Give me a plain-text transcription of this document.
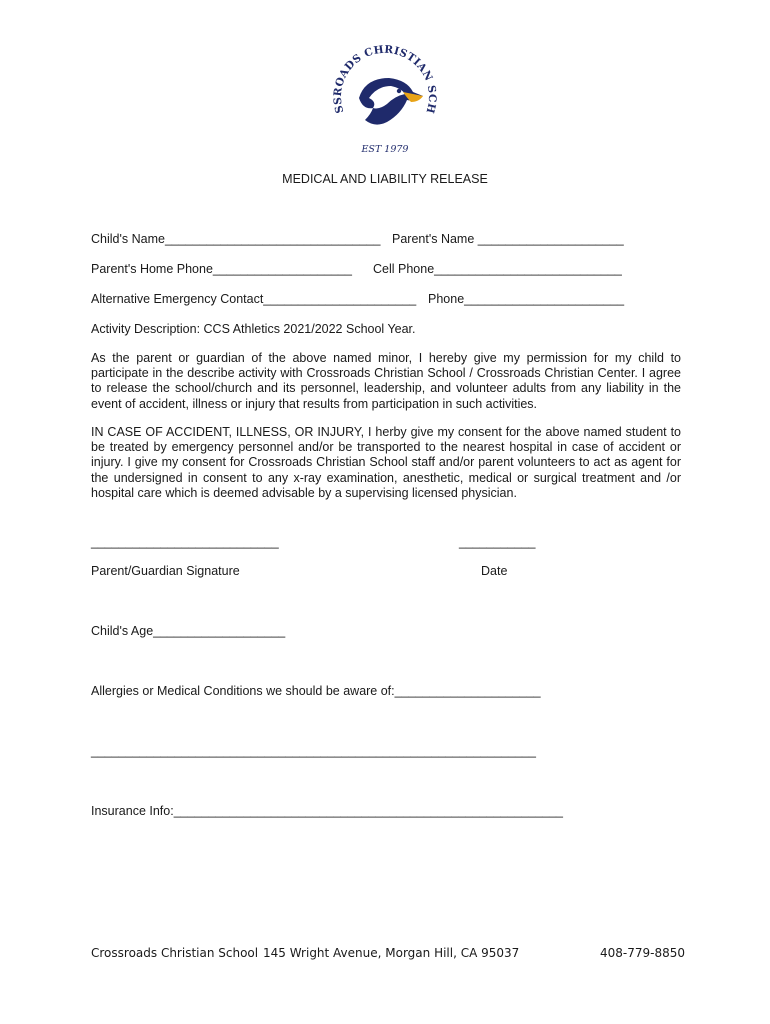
SSROADS CHRISTIAN SCH
EST 1979
MEDICAL AND LIABILITY RELEASE
Child's Name_______________________________ Parent's Name _____________________
Parent's Home Phone____________________ Cell Phone___________________________
Alternative Emergency Contact______________________ Phone_______________________
Activity Description: CCS Athletics 2021/2022 School Year.
As the parent or guardian of the above named minor, I hereby give my permission for my child to participate in the describe activity with Crossroads Christian School / Crossroads Christian Center. I agree to release the school/church and its personnel, leadership, and volunteer adults from any liability in the event of accident, illness or injury that results from participation in such activities.
IN CASE OF ACCIDENT, ILLNESS, OR INJURY, I herby give my consent for the above named student to be treated by emergency personnel and/or be transported to the nearest hospital in case of accident or injury. I give my consent for Crossroads Christian School staff and/or parent volunteers to act as agent for the undersigned in consent to any x-ray examination, anesthetic, medical or surgical treatment and /or hospital care which is deemed advisable by a supervising licensed physician.
___________________________	___________
Parent/Guardian Signature	Date
Child's Age___________________
Allergies or Medical Conditions we should be aware of:_____________________
________________________________________________________________
Insurance Info:________________________________________________________
Crossroads Christian School 145 Wright Avenue, Morgan Hill, CA 95037	408-779-8850
